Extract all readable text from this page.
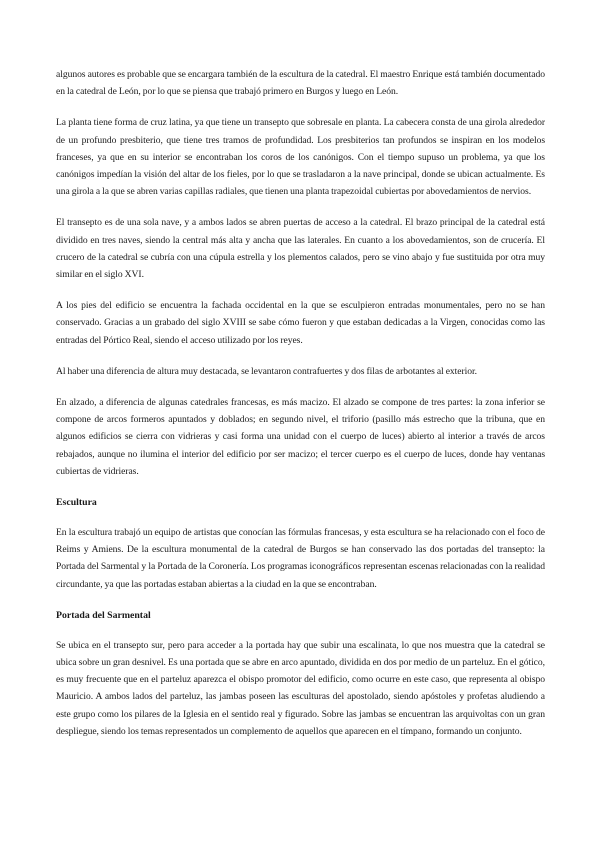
algunos autores es probable que se encargara también de la escultura de la catedral. El maestro Enrique está también documentado en la catedral de León, por lo que se piensa que trabajó primero en Burgos y luego en León.

La planta tiene forma de cruz latina, ya que tiene un transepto que sobresale en planta. La cabecera consta de una girola alrededor de un profundo presbiterio, que tiene tres tramos de profundidad. Los presbiterios tan profundos se inspiran en los modelos franceses, ya que en su interior se encontraban los coros de los canónigos. Con el tiempo supuso un problema, ya que los canónigos impedían la visión del altar de los fieles, por lo que se trasladaron a la nave principal, donde se ubican actualmente. Es una girola a la que se abren varias capillas radiales, que tienen una planta trapezoidal cubiertas por abovedamientos de nervios.

El transepto es de una sola nave, y a ambos lados se abren puertas de acceso a la catedral. El brazo principal de la catedral está dividido en tres naves, siendo la central más alta y ancha que las laterales. En cuanto a los abovedamientos, son de crucería. El crucero de la catedral se cubría con una cúpula estrella y los plementos calados, pero se vino abajo y fue sustituida por otra muy similar en el siglo XVI.

A los pies del edificio se encuentra la fachada occidental en la que se esculpieron entradas monumentales, pero no se han conservado. Gracias a un grabado del siglo XVIII se sabe cómo fueron y que estaban dedicadas a la Virgen, conocidas como las entradas del Pórtico Real, siendo el acceso utilizado por los reyes.

Al haber una diferencia de altura muy destacada, se levantaron contrafuertes y dos filas de arbotantes al exterior.

En alzado, a diferencia de algunas catedrales francesas, es más macizo. El alzado se compone de tres partes: la zona inferior se compone de arcos formeros apuntados y doblados; en segundo nivel, el triforio (pasillo más estrecho que la tribuna, que en algunos edificios se cierra con vidrieras y casi forma una unidad con el cuerpo de luces) abierto al interior a través de arcos rebajados, aunque no ilumina el interior del edificio por ser macizo; el tercer cuerpo es el cuerpo de luces, donde hay ventanas cubiertas de vidrieras.

Escultura

En la escultura trabajó un equipo de artistas que conocían las fórmulas francesas, y esta escultura se ha relacionado con el foco de Reims y Amiens. De la escultura monumental de la catedral de Burgos se han conservado las dos portadas del transepto: la Portada del Sarmental y la Portada de la Coronería. Los programas iconográficos representan escenas relacionadas con la realidad circundante, ya que las portadas estaban abiertas a la ciudad en la que se encontraban.

Portada del Sarmental

Se ubica en el transepto sur, pero para acceder a la portada hay que subir una escalinata, lo que nos muestra que la catedral se ubica sobre un gran desnivel. Es una portada que se abre en arco apuntado, dividida en dos por medio de un parteluz. En el gótico, es muy frecuente que en el parteluz aparezca el obispo promotor del edificio, como ocurre en este caso, que representa al obispo Mauricio. A ambos lados del parteluz, las jambas poseen las esculturas del apostolado, siendo apóstoles y profetas aludiendo a este grupo como los pilares de la Iglesia en el sentido real y figurado. Sobre las jambas se encuentran las arquivoltas con un gran despliegue, siendo los temas representados un complemento de aquellos que aparecen en el tímpano, formando un conjunto.
